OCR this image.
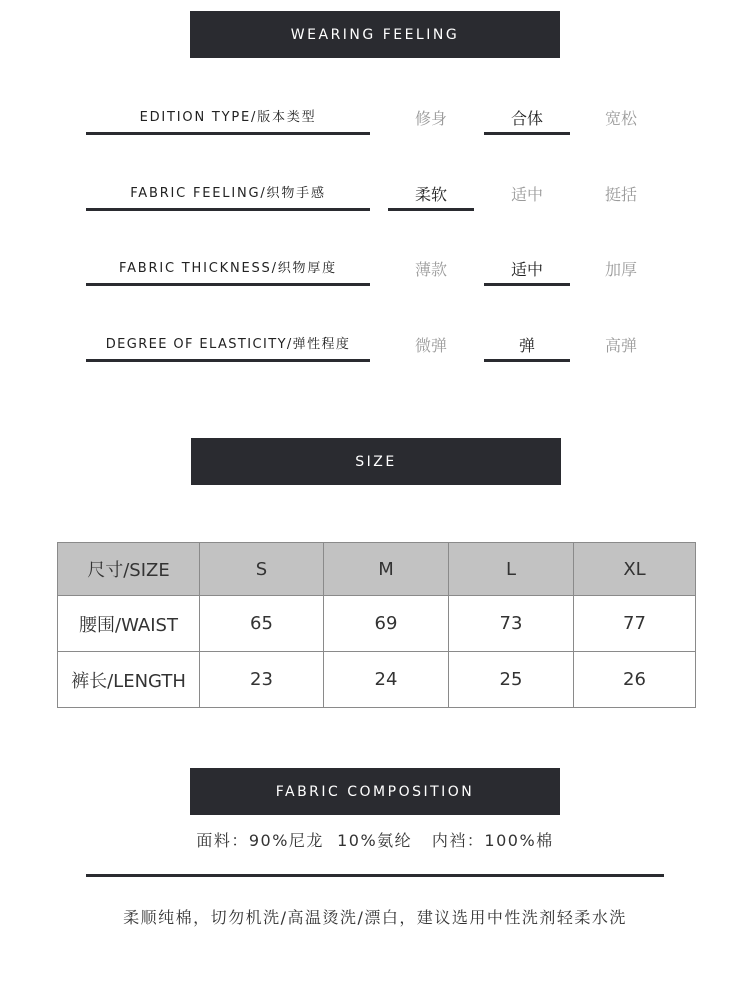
WEARING FEELING
EDITION TYPE/版本类型	修身	合体	宽松
FABRIC FEELING/织物手感	柔软	适中	挺括
FABRIC THICKNESS/织物厚度	薄款	适中	加厚
DEGREE OF ELASTICITY/弹性程度	微弹	弹	高弹
SIZE
尺寸/SIZE	S	M	L	XL
腰围/WAIST	65	69	73	77
裤长/LENGTH	23	24	25	26
FABRIC COMPOSITION
面料：90%尼龙  10%氨纶   内裆：100%棉
柔顺纯棉，切勿机洗/高温烫洗/漂白，建议选用中性洗剂轻柔水洗
